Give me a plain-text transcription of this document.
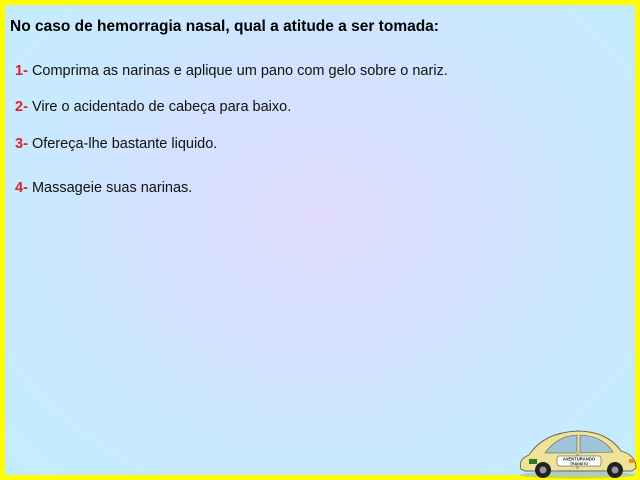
No caso de hemorragia nasal, qual a atitude a ser tomada:
1- Comprima as narinas e aplique um pano com gelo sobre o nariz.
2- Vire o acidentado de cabeça para baixo.
3- Ofereça-lhe bastante liquido.
4- Massageie suas narinas.
AVENTURANDO
TRÂNSITO
